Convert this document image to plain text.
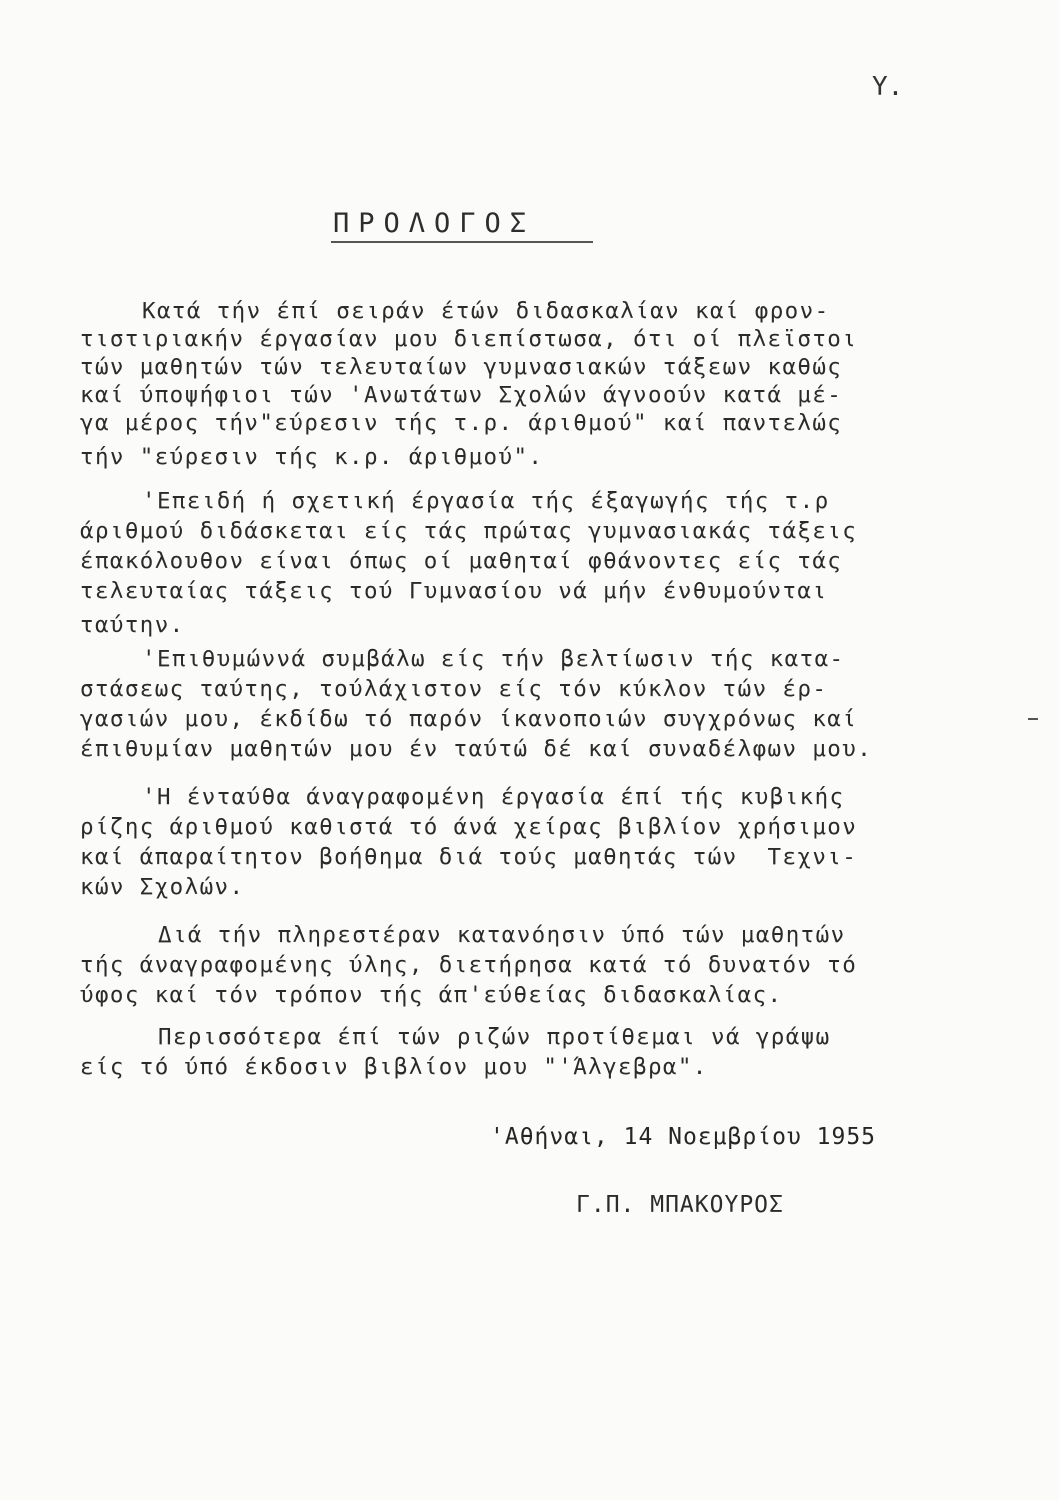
Υ.
ΠΡΟΛΟΓΟΣ
Κατά τήν έπί σειράν έτών διδασκαλίαν καί φρον-
τιστιριακήν έργασίαν μου διεπίστωσα, ότι οί πλεϊστοι
τών μαθητών τών τελευταίων γυμνασιακών τάξεων καθώς
καί ύποψήφιοι τών 'Ανωτάτων Σχολών άγνοούν κατά μέ-
γα μέρος τήν"εύρεσιν τής τ.ρ. άριθμού" καί παντελώς
τήν "εύρεσιν τής κ.ρ. άριθμού".
'Επειδή ή σχετική έργασία τής έξαγωγής τής τ.ρ
άριθμού διδάσκεται είς τάς πρώτας γυμνασιακάς τάξεις
έπακόλουθον είναι όπως οί μαθηταί φθάνοντες είς τάς
τελευταίας τάξεις τού Γυμνασίου νά μήν ένθυμούνται
ταύτην.
'Επιθυμώννά συμβάλω είς τήν βελτίωσιν τής κατα-
στάσεως ταύτης, τούλάχιστον είς τόν κύκλον τών έρ-
γασιών μου, έκδίδω τό παρόν ίκανοποιών συγχρόνως καί
έπιθυμίαν μαθητών μου έν ταύτώ δέ καί συναδέλφων μου.
'Η ένταύθα άναγραφομένη έργασία έπί τής κυβικής
ρίζης άριθμού καθιστά τό άνά χείρας βιβλίον χρήσιμον
καί άπαραίτητον βοήθημα διά τούς μαθητάς τών  Τεχνι-
κών Σχολών.
Διά τήν πληρεστέραν κατανόησιν ύπό τών μαθητών
τής άναγραφομένης ύλης, διετήρησα κατά τό δυνατόν τό
ύφος καί τόν τρόπον τής άπ'εύθείας διδασκαλίας.
Περισσότερα έπί τών ριζών προτίθεμαι νά γράψω
είς τό ύπό έκδοσιν βιβλίον μου "'Άλγεβρα".
'Αθήναι, 14 Νοεμβρίου 1955
Γ.Π. ΜΠΑΚΟΥΡΟΣ
